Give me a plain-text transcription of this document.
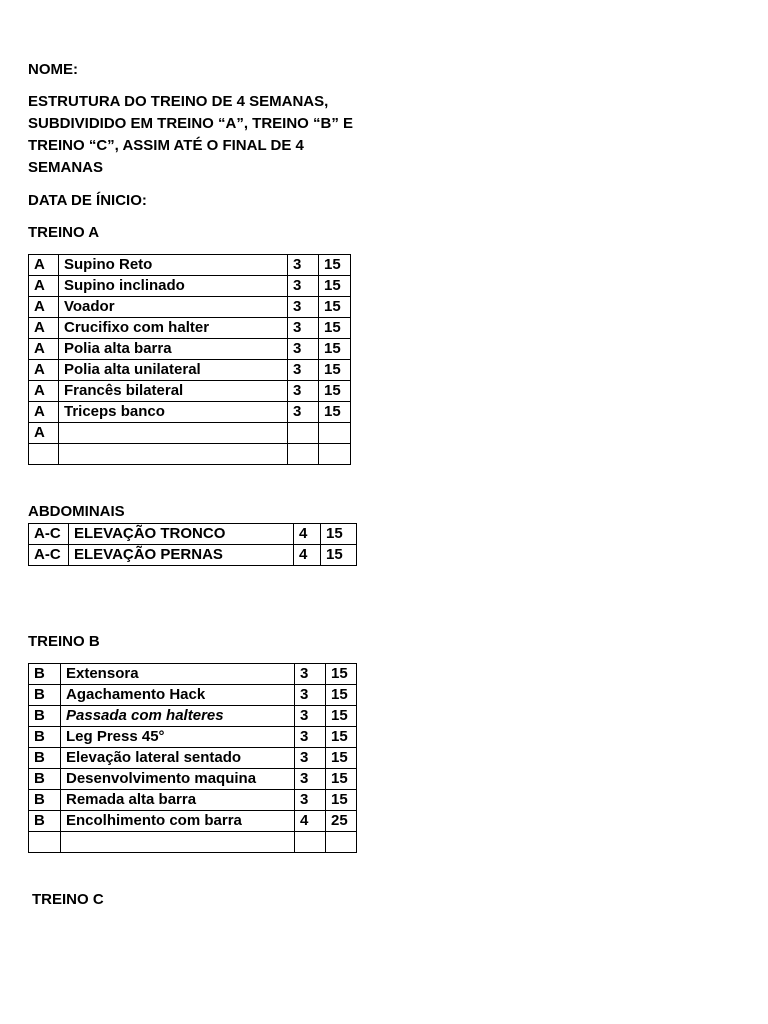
NOME:
ESTRUTURA DO TREINO DE 4 SEMANAS, SUBDIVIDIDO EM TREINO “A”, TREINO “B” E TREINO “C”, ASSIM ATÉ O FINAL DE 4 SEMANAS
DATA DE ÍNICIO:
TREINO A
A	Supino Reto	3	15
A	Supino inclinado	3	15
A	Voador	3	15
A	Crucifixo com halter	3	15
A	Polia alta barra	3	15
A	Polia alta unilateral	3	15
A	Francês bilateral	3	15
A	Triceps banco	3	15
A			

ABDOMINAIS
A-C	ELEVAÇÃO TRONCO	4	15
A-C	ELEVAÇÃO PERNAS	4	15
TREINO B
B	Extensora	3	15
B	Agachamento Hack	3	15
B	Passada com halteres	3	15
B	Leg Press 45°	3	15
B	Elevação lateral sentado	3	15
B	Desenvolvimento maquina	3	15
B	Remada alta barra	3	15
B	Encolhimento com barra	4	25

TREINO C
